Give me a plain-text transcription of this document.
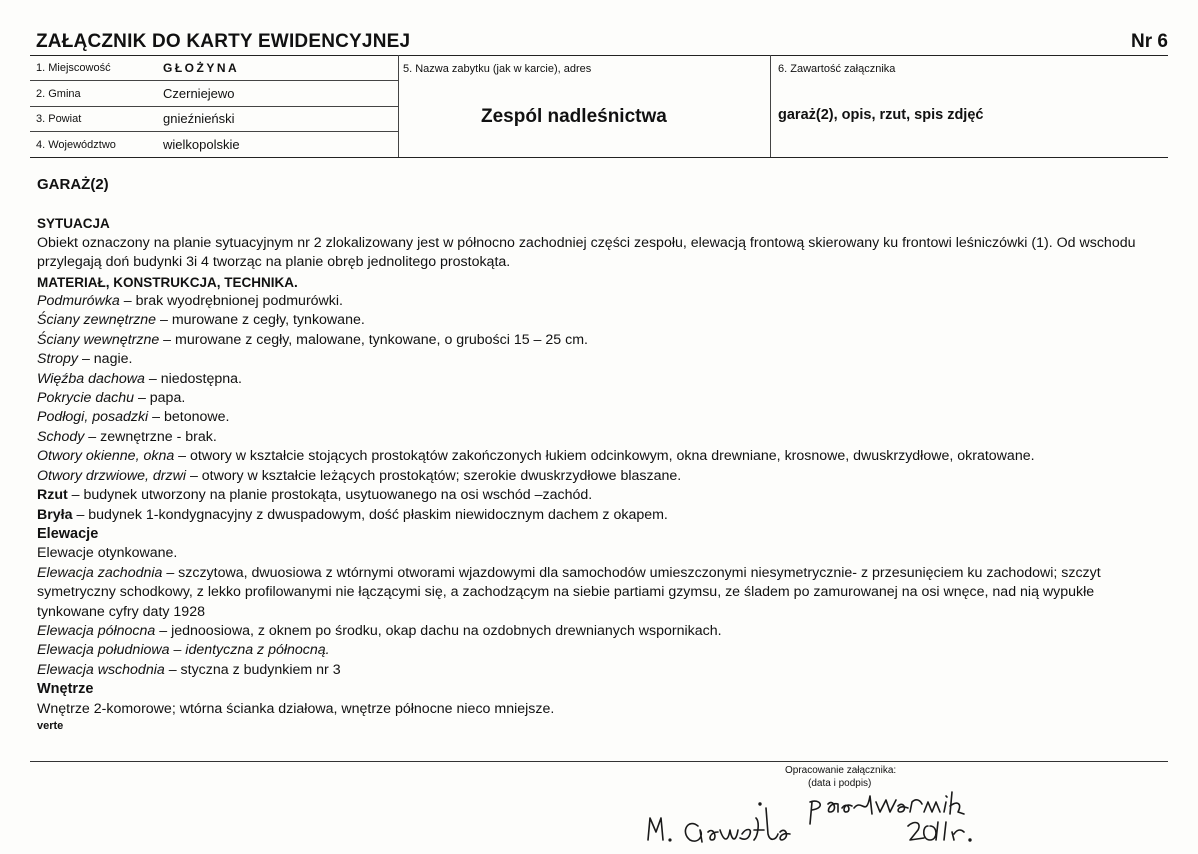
ZAŁĄCZNIK DO KARTY EWIDENCYJNEJ	Nr 6
1. Miejscowość	GŁOŻYNA
2. Gmina	Czerniejewo
3. Powiat	gnieźnieński
4. Województwo	wielkopolskie
5. Nazwa zabytku (jak w karcie), adres
Zespól nadleśnictwa
6. Zawartość załącznika
garaż(2), opis, rzut, spis zdjęć

GARAŻ(2)

SYTUACJA

Obiekt oznaczony na planie sytuacyjnym nr 2 zlokalizowany jest w północno zachodniej części zespołu, elewacją frontową skierowany ku frontowi leśniczówki (1). Od wschodu przylegają doń budynki 3i 4 tworząc na planie obręb jednolitego prostokąta.

MATERIAŁ, KONSTRUKCJA, TECHNIKA.

Podmurówka – brak wyodrębnionej podmurówki.

Ściany zewnętrzne – murowane z cegły, tynkowane.

Ściany wewnętrzne – murowane z cegły, malowane, tynkowane, o grubości 15 – 25 cm.

Stropy – nagie.

Więźba dachowa – niedostępna.

Pokrycie dachu – papa.

Podłogi, posadzki – betonowe.

Schody – zewnętrzne - brak.

Otwory okienne, okna – otwory w kształcie stojących prostokątów zakończonych łukiem odcinkowym, okna drewniane, krosnowe, dwuskrzydłowe, okratowane.

Otwory drzwiowe, drzwi – otwory w kształcie leżących prostokątów; szerokie dwuskrzydłowe blaszane.

Rzut – budynek utworzony na planie prostokąta, usytuowanego na osi wschód –zachód.

Bryła – budynek 1-kondygnacyjny z dwuspadowym, dość płaskim niewidocznym dachem z okapem.

Elewacje

Elewacje otynkowane.

Elewacja zachodnia – szczytowa, dwuosiowa z wtórnymi otworami wjazdowymi dla samochodów umieszczonymi niesymetrycznie- z przesunięciem ku zachodowi; szczyt symetryczny schodkowy, z lekko profilowanymi nie łączącymi się, a zachodzącym na siebie partiami gzymsu, ze śladem po zamurowanej na osi wnęce, nad nią wypukłe tynkowane cyfry daty 1928

Elewacja północna – jednoosiowa, z oknem po środku, okap dachu na ozdobnych drewnianych wspornikach.

Elewacja południowa – identyczna z północną.

Elewacja wschodnia – styczna z budynkiem nr 3

Wnętrze

Wnętrze 2-komorowe; wtórna ścianka działowa, wnętrze północne nieco mniejsze.

verte

Opracowanie załącznika:
(data i podpis)
